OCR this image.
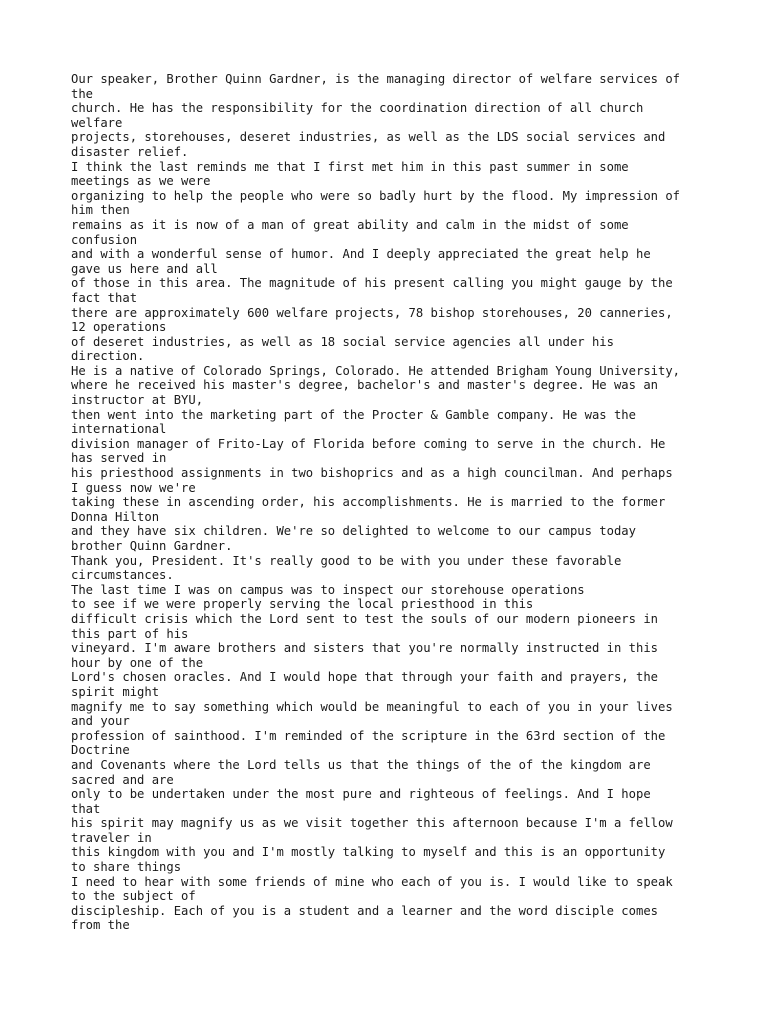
Our speaker, Brother Quinn Gardner, is the managing director of welfare services of
the
church. He has the responsibility for the coordination direction of all church
welfare
projects, storehouses, deseret industries, as well as the LDS social services and
disaster relief.
I think the last reminds me that I first met him in this past summer in some
meetings as we were
organizing to help the people who were so badly hurt by the flood. My impression of
him then
remains as it is now of a man of great ability and calm in the midst of some
confusion
and with a wonderful sense of humor. And I deeply appreciated the great help he
gave us here and all
of those in this area. The magnitude of his present calling you might gauge by the
fact that
there are approximately 600 welfare projects, 78 bishop storehouses, 20 canneries,
12 operations
of deseret industries, as well as 18 social service agencies all under his
direction.
He is a native of Colorado Springs, Colorado. He attended Brigham Young University,
where he received his master's degree, bachelor's and master's degree. He was an
instructor at BYU,
then went into the marketing part of the Procter & Gamble company. He was the
international
division manager of Frito-Lay of Florida before coming to serve in the church. He
has served in
his priesthood assignments in two bishoprics and as a high councilman. And perhaps
I guess now we're
taking these in ascending order, his accomplishments. He is married to the former
Donna Hilton
and they have six children. We're so delighted to welcome to our campus today
brother Quinn Gardner.
Thank you, President. It's really good to be with you under these favorable
circumstances.
The last time I was on campus was to inspect our storehouse operations
to see if we were properly serving the local priesthood in this
difficult crisis which the Lord sent to test the souls of our modern pioneers in
this part of his
vineyard. I'm aware brothers and sisters that you're normally instructed in this
hour by one of the
Lord's chosen oracles. And I would hope that through your faith and prayers, the
spirit might
magnify me to say something which would be meaningful to each of you in your lives
and your
profession of sainthood. I'm reminded of the scripture in the 63rd section of the
Doctrine
and Covenants where the Lord tells us that the things of the of the kingdom are
sacred and are
only to be undertaken under the most pure and righteous of feelings. And I hope
that
his spirit may magnify us as we visit together this afternoon because I'm a fellow
traveler in
this kingdom with you and I'm mostly talking to myself and this is an opportunity
to share things
I need to hear with some friends of mine who each of you is. I would like to speak
to the subject of
discipleship. Each of you is a student and a learner and the word disciple comes
from the
